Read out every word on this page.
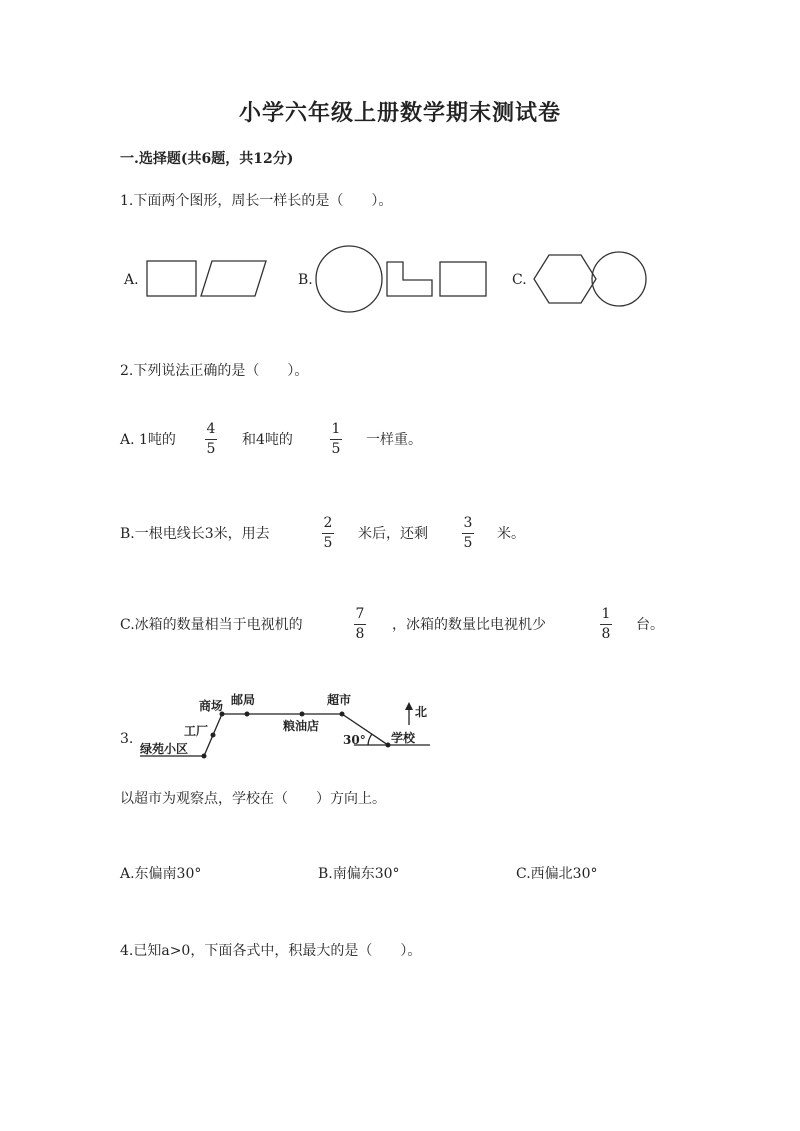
小学六年级上册数学期末测试卷
一.选择题(共6题，共12分)
1.下面两个图形，周长一样长的是（　　）。
A.	B.	C.
2.下列说法正确的是（　　）。
A. 1吨的
4
5
和4吨的
1
5
一样重。
B.一根电线长3米，用去
2
5
米后，还剩
3
5
米。
C.冰箱的数量相当于电视机的
7
8
，冰箱的数量比电视机少
1
8
台。
3.
商场 邮局	超市
北
工厂	粮油店
30° 学校
绿苑小区
以超市为观察点，学校在（　　）方向上。
A.东偏南30°	B.南偏东30°	C.西偏北30°
4.已知a>0，下面各式中，积最大的是（　　）。
